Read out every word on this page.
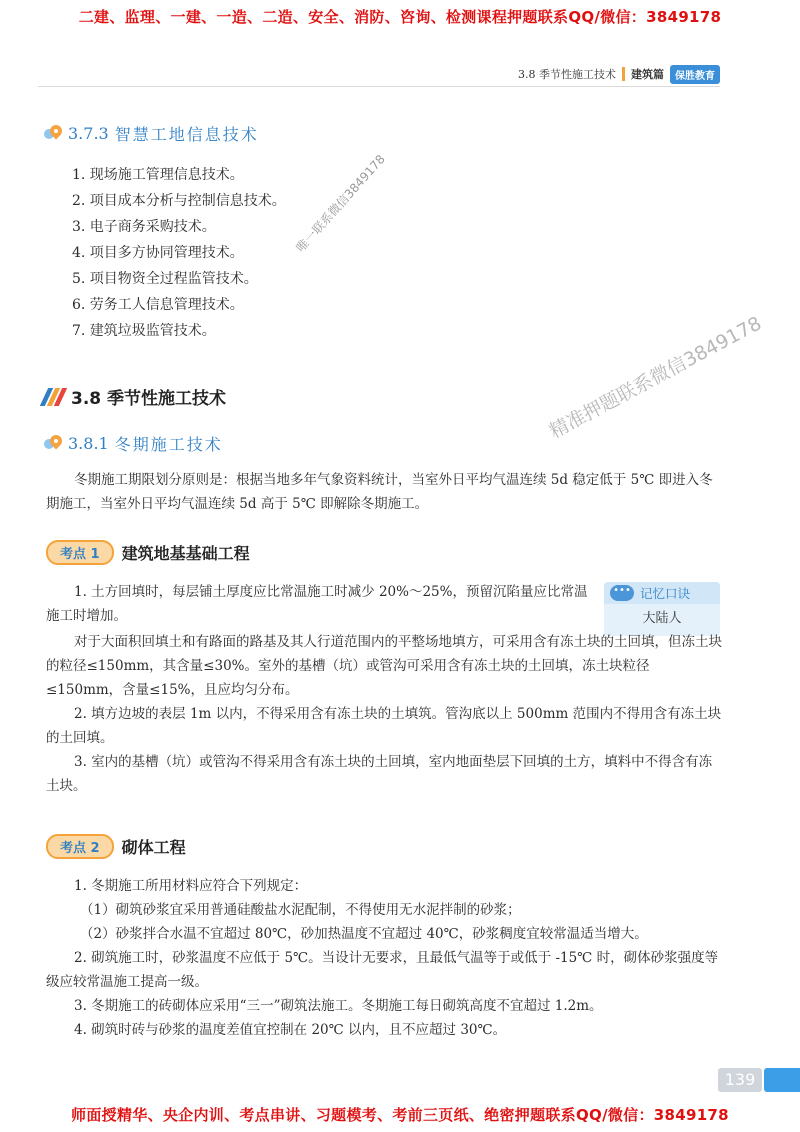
二建、监理、一建、一造、二造、安全、消防、咨询、检测课程押题联系QQ/微信：3849178
3.8 季节性施工技术 建筑篇	保胜教育
3.7.3 智慧工地信息技术
1. 现场施工管理信息技术。
2. 项目成本分析与控制信息技术。
3. 电子商务采购技术。
4. 项目多方协同管理技术。
5. 项目物资全过程监管技术。
6. 劳务工人信息管理技术。
7. 建筑垃圾监管技术。
唯一联系微信3849178
精准押题联系微信3849178
3.8 季节性施工技术
3.8.1 冬期施工技术

冬期施工期限划分原则是：根据当地多年气象资料统计，当室外日平均气温连续 5d 稳定低于 5℃ 即进入冬期施工，当室外日平均气温连续 5d 高于 5℃ 即解除冬期施工。

考点 1	建筑地基基础工程

1. 土方回填时，每层铺土厚度应比常温施工时减少 20%～25%，预留沉陷量应比常温施工时增加。

••• 记忆口诀
大陆人

对于大面积回填土和有路面的路基及其人行道范围内的平整场地填方，可采用含有冻土块的土回填，但冻土块的粒径≤150mm，其含量≤30%。室外的基槽（坑）或管沟可采用含有冻土块的土回填，冻土块粒径≤150mm，含量≤15%，且应均匀分布。

2. 填方边坡的表层 1m 以内，不得采用含有冻土块的土填筑。管沟底以上 500mm 范围内不得用含有冻土块的土回填。

3. 室内的基槽（坑）或管沟不得采用含有冻土块的土回填，室内地面垫层下回填的土方，填料中不得含有冻土块。

考点 2	砌体工程

1. 冬期施工所用材料应符合下列规定：

（1）砌筑砂浆宜采用普通硅酸盐水泥配制，不得使用无水泥拌制的砂浆；

（2）砂浆拌合水温不宜超过 80℃，砂加热温度不宜超过 40℃，砂浆稠度宜较常温适当增大。

2. 砌筑施工时，砂浆温度不应低于 5℃。当设计无要求，且最低气温等于或低于 -15℃ 时，砌体砂浆强度等级应较常温施工提高一级。

3. 冬期施工的砖砌体应采用“三一”砌筑法施工。冬期施工每日砌筑高度不宜超过 1.2m。

4. 砌筑时砖与砂浆的温度差值宜控制在 20℃ 以内，且不应超过 30℃。

139
师面授精华、央企内训、考点串讲、习题模考、考前三页纸、绝密押题联系QQ/微信：3849178
